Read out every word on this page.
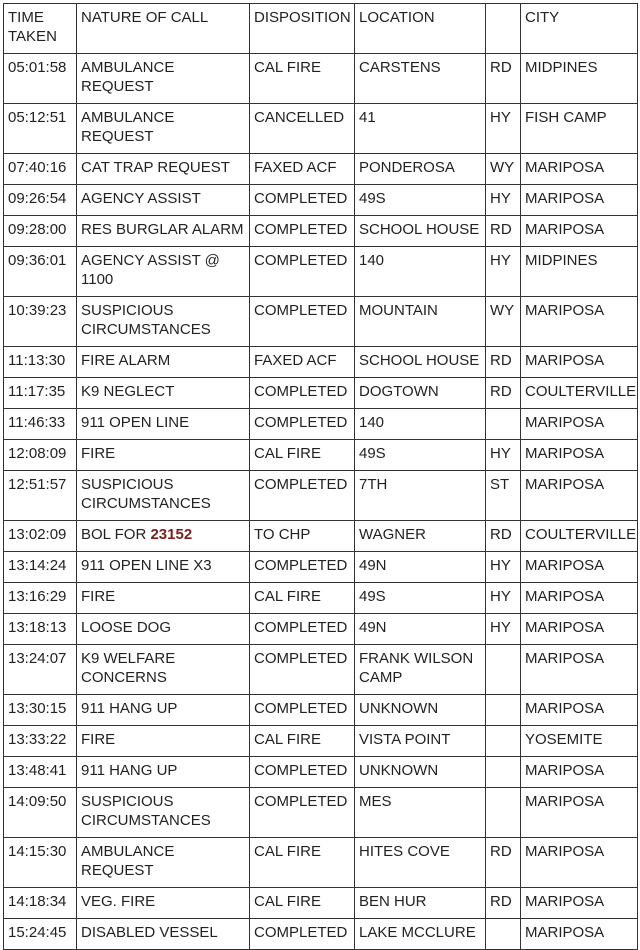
TIME TAKEN	NATURE OF CALL	DISPOSITION	LOCATION		CITY
05:01:58	AMBULANCE REQUEST	CAL FIRE	CARSTENS	RD	MIDPINES
05:12:51	AMBULANCE REQUEST	CANCELLED	41	HY	FISH CAMP
07:40:16	CAT TRAP REQUEST	FAXED ACF	PONDEROSA	WY	MARIPOSA
09:26:54	AGENCY ASSIST	COMPLETED	49S	HY	MARIPOSA
09:28:00	RES BURGLAR ALARM	COMPLETED	SCHOOL HOUSE	RD	MARIPOSA
09:36:01	AGENCY ASSIST @ 1100	COMPLETED	140	HY	MIDPINES
10:39:23	SUSPICIOUS CIRCUMSTANCES	COMPLETED	MOUNTAIN	WY	MARIPOSA
11:13:30	FIRE ALARM	FAXED ACF	SCHOOL HOUSE	RD	MARIPOSA
11:17:35	K9 NEGLECT	COMPLETED	DOGTOWN	RD	COULTERVILLE
11:46:33	911 OPEN LINE	COMPLETED	140		MARIPOSA
12:08:09	FIRE	CAL FIRE	49S	HY	MARIPOSA
12:51:57	SUSPICIOUS CIRCUMSTANCES	COMPLETED	7TH	ST	MARIPOSA
13:02:09	BOL FOR 23152	TO CHP	WAGNER	RD	COULTERVILLE
13:14:24	911 OPEN LINE X3	COMPLETED	49N	HY	MARIPOSA
13:16:29	FIRE	CAL FIRE	49S	HY	MARIPOSA
13:18:13	LOOSE DOG	COMPLETED	49N	HY	MARIPOSA
13:24:07	K9 WELFARE CONCERNS	COMPLETED	FRANK WILSON CAMP		MARIPOSA
13:30:15	911 HANG UP	COMPLETED	UNKNOWN		MARIPOSA
13:33:22	FIRE	CAL FIRE	VISTA POINT		YOSEMITE
13:48:41	911 HANG UP	COMPLETED	UNKNOWN		MARIPOSA
14:09:50	SUSPICIOUS CIRCUMSTANCES	COMPLETED	MES		MARIPOSA
14:15:30	AMBULANCE REQUEST	CAL FIRE	HITES COVE	RD	MARIPOSA
14:18:34	VEG. FIRE	CAL FIRE	BEN HUR	RD	MARIPOSA
15:24:45	DISABLED VESSEL	COMPLETED	LAKE MCCLURE		MARIPOSA
